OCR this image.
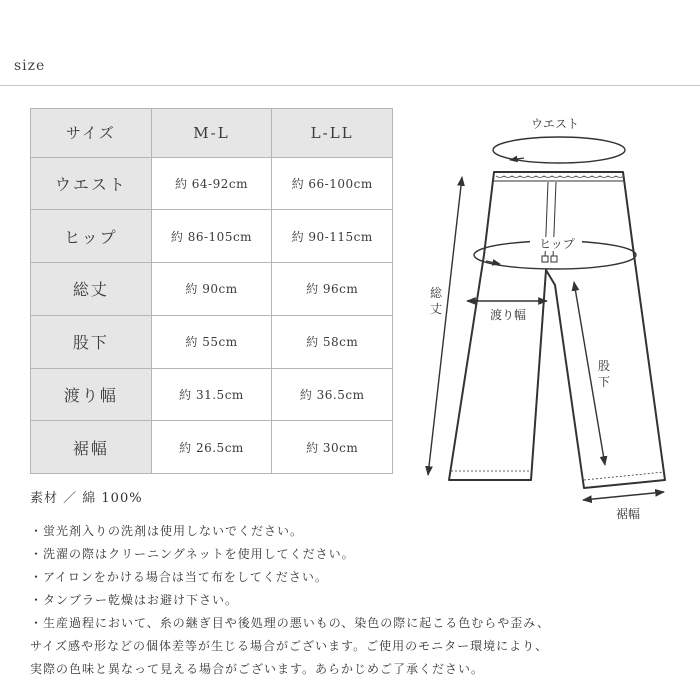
size
サイズ	M-L	L-LL
ウエスト	約 64-92cm	約 66-100cm
ヒップ	約 86-105cm	約 90-115cm
総丈	約 90cm	約 96cm
股下	約 55cm	約 58cm
渡り幅	約 31.5cm	約 36.5cm
裾幅	約 26.5cm	約 30cm
素材 ／ 綿 100%
・蛍光剤入りの洗剤は使用しないでください。
・洗濯の際はクリーニングネットを使用してください。
・アイロンをかける場合は当て布をしてください。
・タンブラー乾燥はお避け下さい。
・生産過程において、糸の継ぎ目や後処理の悪いもの、染色の際に起こる色むらや歪み、
サイズ感や形などの個体差等が生じる場合がございます。ご使用のモニター環境により、
実際の色味と異なって見える場合がございます。あらかじめご了承ください。
ウエスト
ヒップ
総
丈	渡り幅
股
下
裾幅
